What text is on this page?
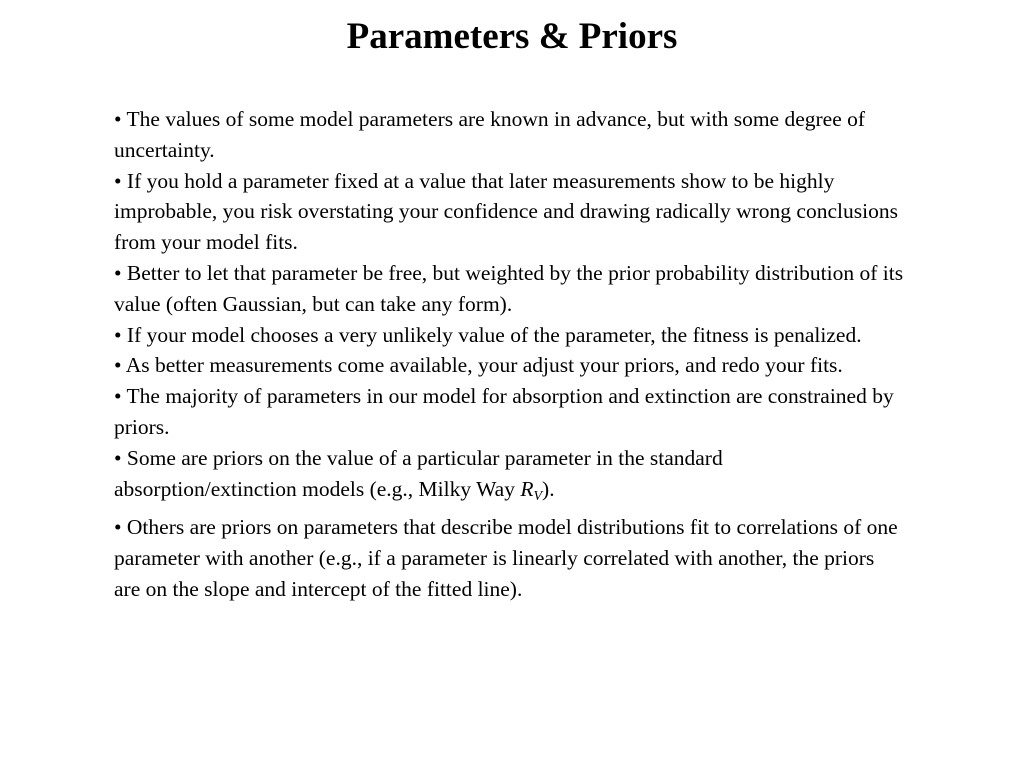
Parameters & Priors
• The values of some model parameters are known in advance, but with some degree of uncertainty.
• If you hold a parameter fixed at a value that later measurements show to be highly improbable, you risk overstating your confidence and drawing radically wrong conclusions from your model fits.
• Better to let that parameter be free, but weighted by the prior probability distribution of its value (often Gaussian, but can take any form).
• If your model chooses a very unlikely value of the parameter, the fitness is penalized.
• As better measurements come available, your adjust your priors, and redo your fits.
• The majority of parameters in our model for absorption and extinction are constrained by priors.
• Some are priors on the value of a particular parameter in the standard absorption/extinction models (e.g., Milky Way $R_V$).
• Others are priors on parameters that describe model distributions fit to correlations of one parameter with another (e.g., if a parameter is linearly correlated with another, the priors are on the slope and intercept of the fitted line).
